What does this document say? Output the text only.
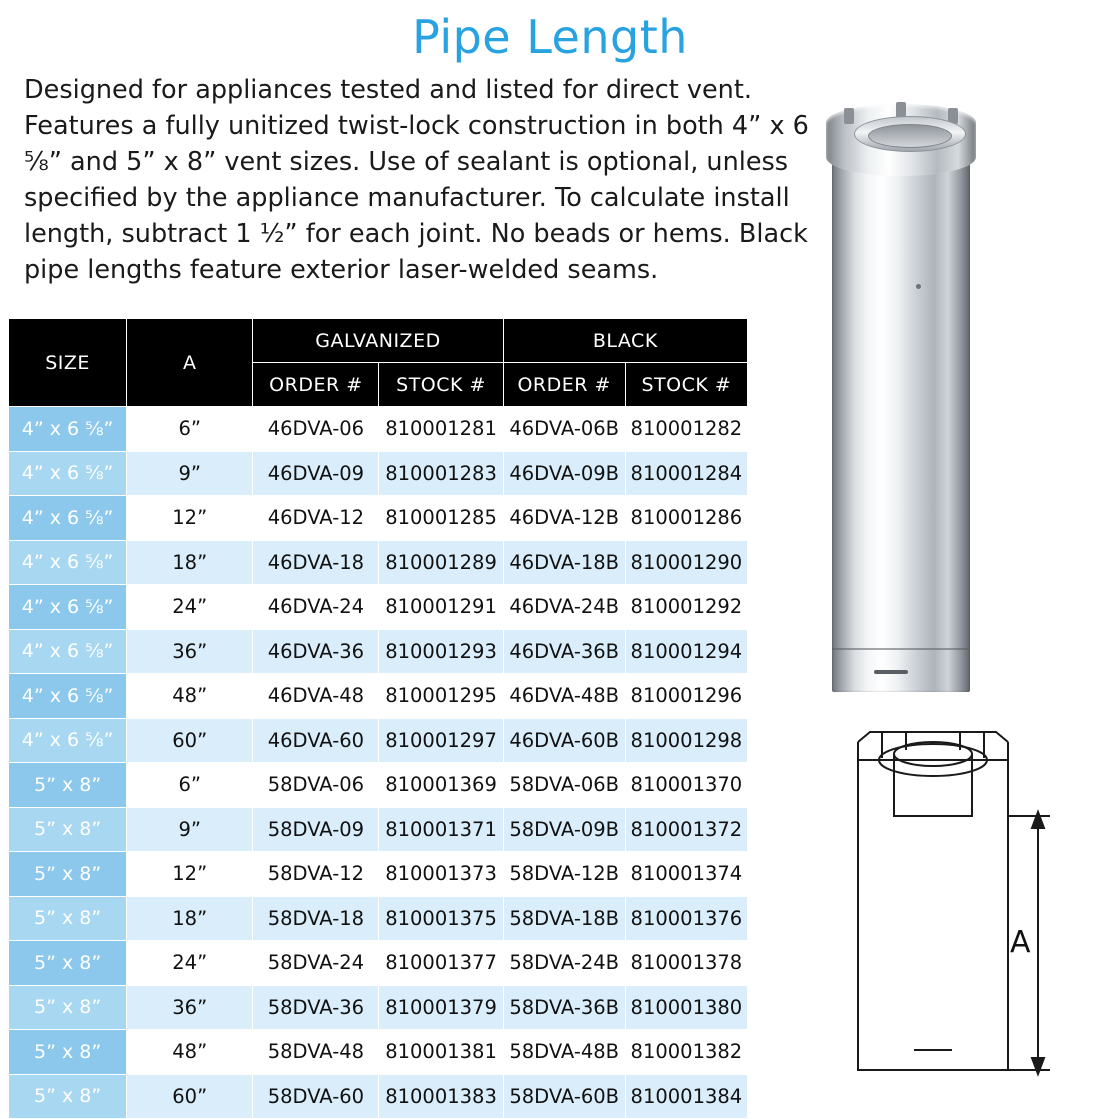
Pipe Length
Designed for appliances tested and listed for direct vent. Features a fully unitized twist-lock construction in both 4” x 6 ⅝” and 5” x 8” vent sizes. Use of sealant is optional, unless specified by the appliance manufacturer. To calculate install length, subtract 1 ½” for each joint. No beads or hems. Black pipe lengths feature exterior laser-welded seams.
SIZE	A	GALVANIZED		BLACK	
		ORDER #	STOCK #	ORDER #	STOCK #
4” x 6 ⅝”	6”	46DVA-06	810001281	46DVA-06B	810001282
4” x 6 ⅝”	9”	46DVA-09	810001283	46DVA-09B	810001284
4” x 6 ⅝”	12”	46DVA-12	810001285	46DVA-12B	810001286
4” x 6 ⅝”	18”	46DVA-18	810001289	46DVA-18B	810001290
4” x 6 ⅝”	24”	46DVA-24	810001291	46DVA-24B	810001292
4” x 6 ⅝”	36”	46DVA-36	810001293	46DVA-36B	810001294
4” x 6 ⅝”	48”	46DVA-48	810001295	46DVA-48B	810001296
4” x 6 ⅝”	60”	46DVA-60	810001297	46DVA-60B	810001298
5” x 8”	6”	58DVA-06	810001369	58DVA-06B	810001370
5” x 8”	9”	58DVA-09	810001371	58DVA-09B	810001372
5” x 8”	12”	58DVA-12	810001373	58DVA-12B	810001374
5” x 8”	18”	58DVA-18	810001375	58DVA-18B	810001376
5” x 8”	24”	58DVA-24	810001377	58DVA-24B	810001378
5” x 8”	36”	58DVA-36	810001379	58DVA-36B	810001380
5” x 8”	48”	58DVA-48	810001381	58DVA-48B	810001382
5” x 8”	60”	58DVA-60	810001383	58DVA-60B	810001384
A
